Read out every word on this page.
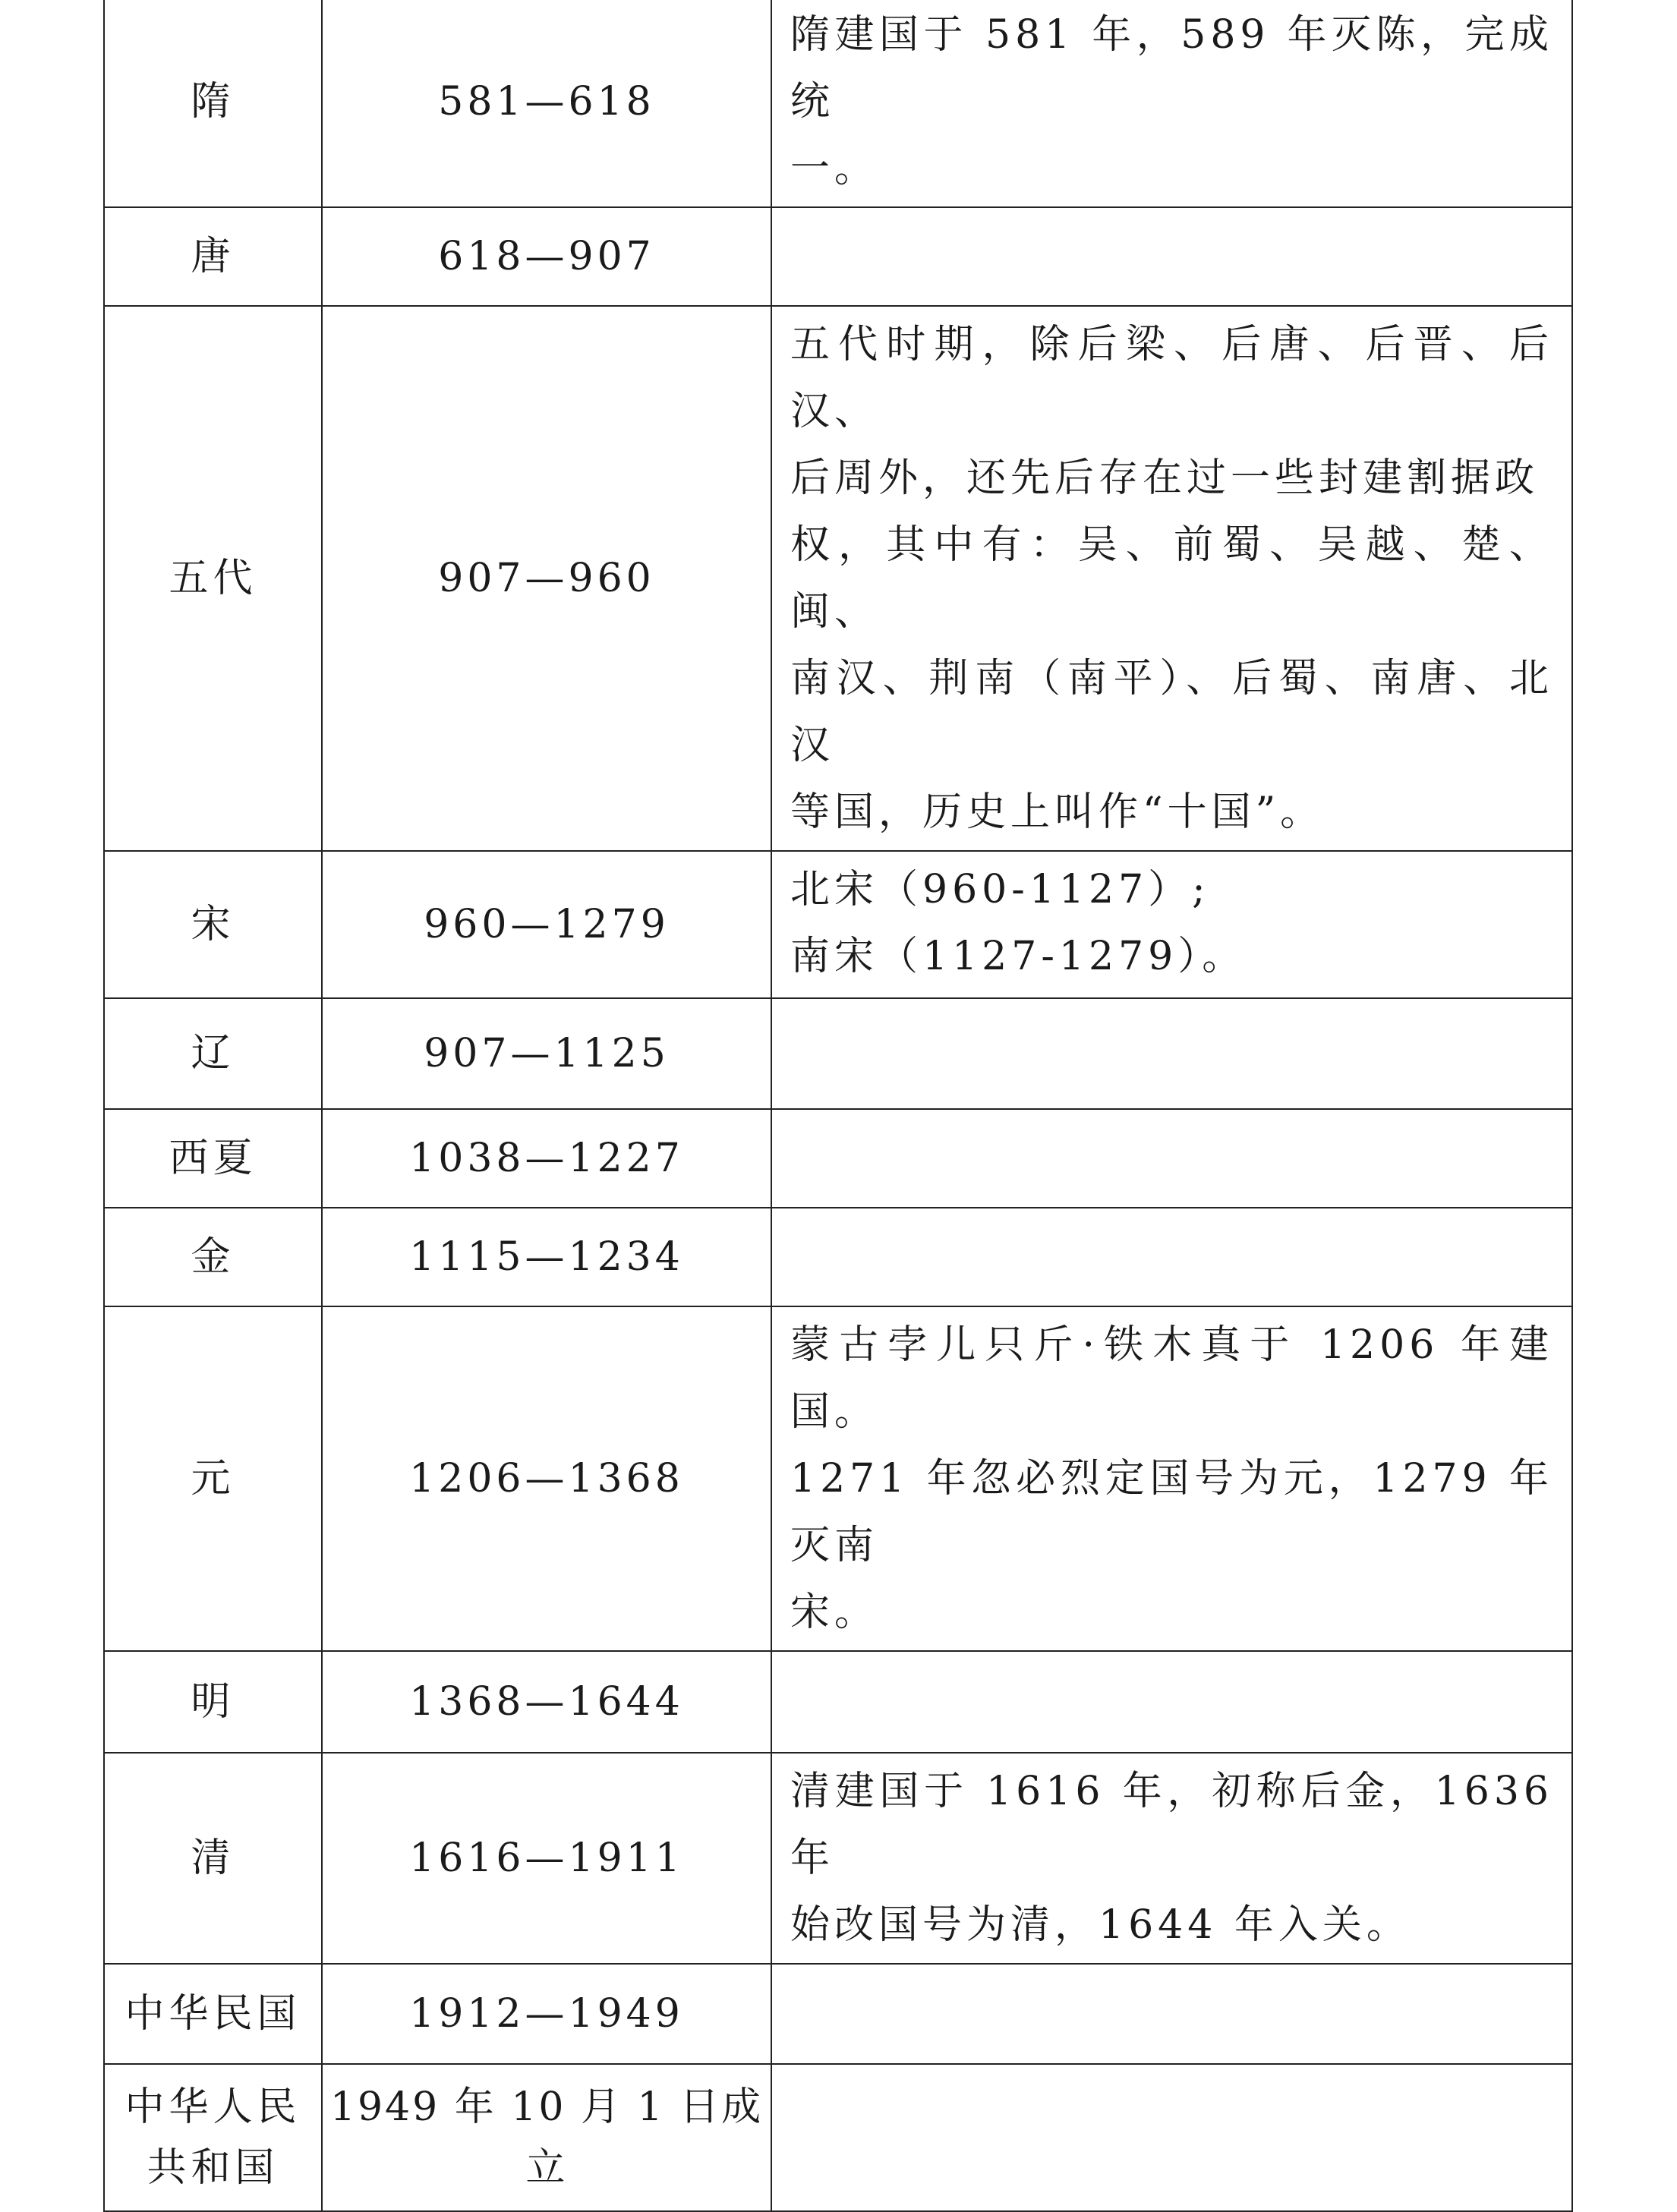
隋	581—618	隋建国于 581 年，589 年灭陈，完成统
一。

唐	618—907	
五代	907—960	五代时期，除后梁、后唐、后晋、后汉、
后周外，还先后存在过一些封建割据政
权，其中有：吴、前蜀、吴越、楚、闽、
南汉、荆南（南平）、后蜀、南唐、北汉
等国，历史上叫作“十国”。

宋	960—1279	北宋（960-1127）;
南宋（1127-1279）。

辽	907—1125	
西夏	1038—1227	
金	1115—1234	
元	1206—1368	蒙古孛儿只斤·铁木真于 1206 年建国。
1271 年忽必烈定国号为元，1279 年灭南
宋。

明	1368—1644	
清	1616—1911	清建国于 1616 年，初称后金，1636 年
始改国号为清，1644 年入关。

中华民国	1912—1949	

中华人民
共和国	1949 年 10 月 1 日成立	
